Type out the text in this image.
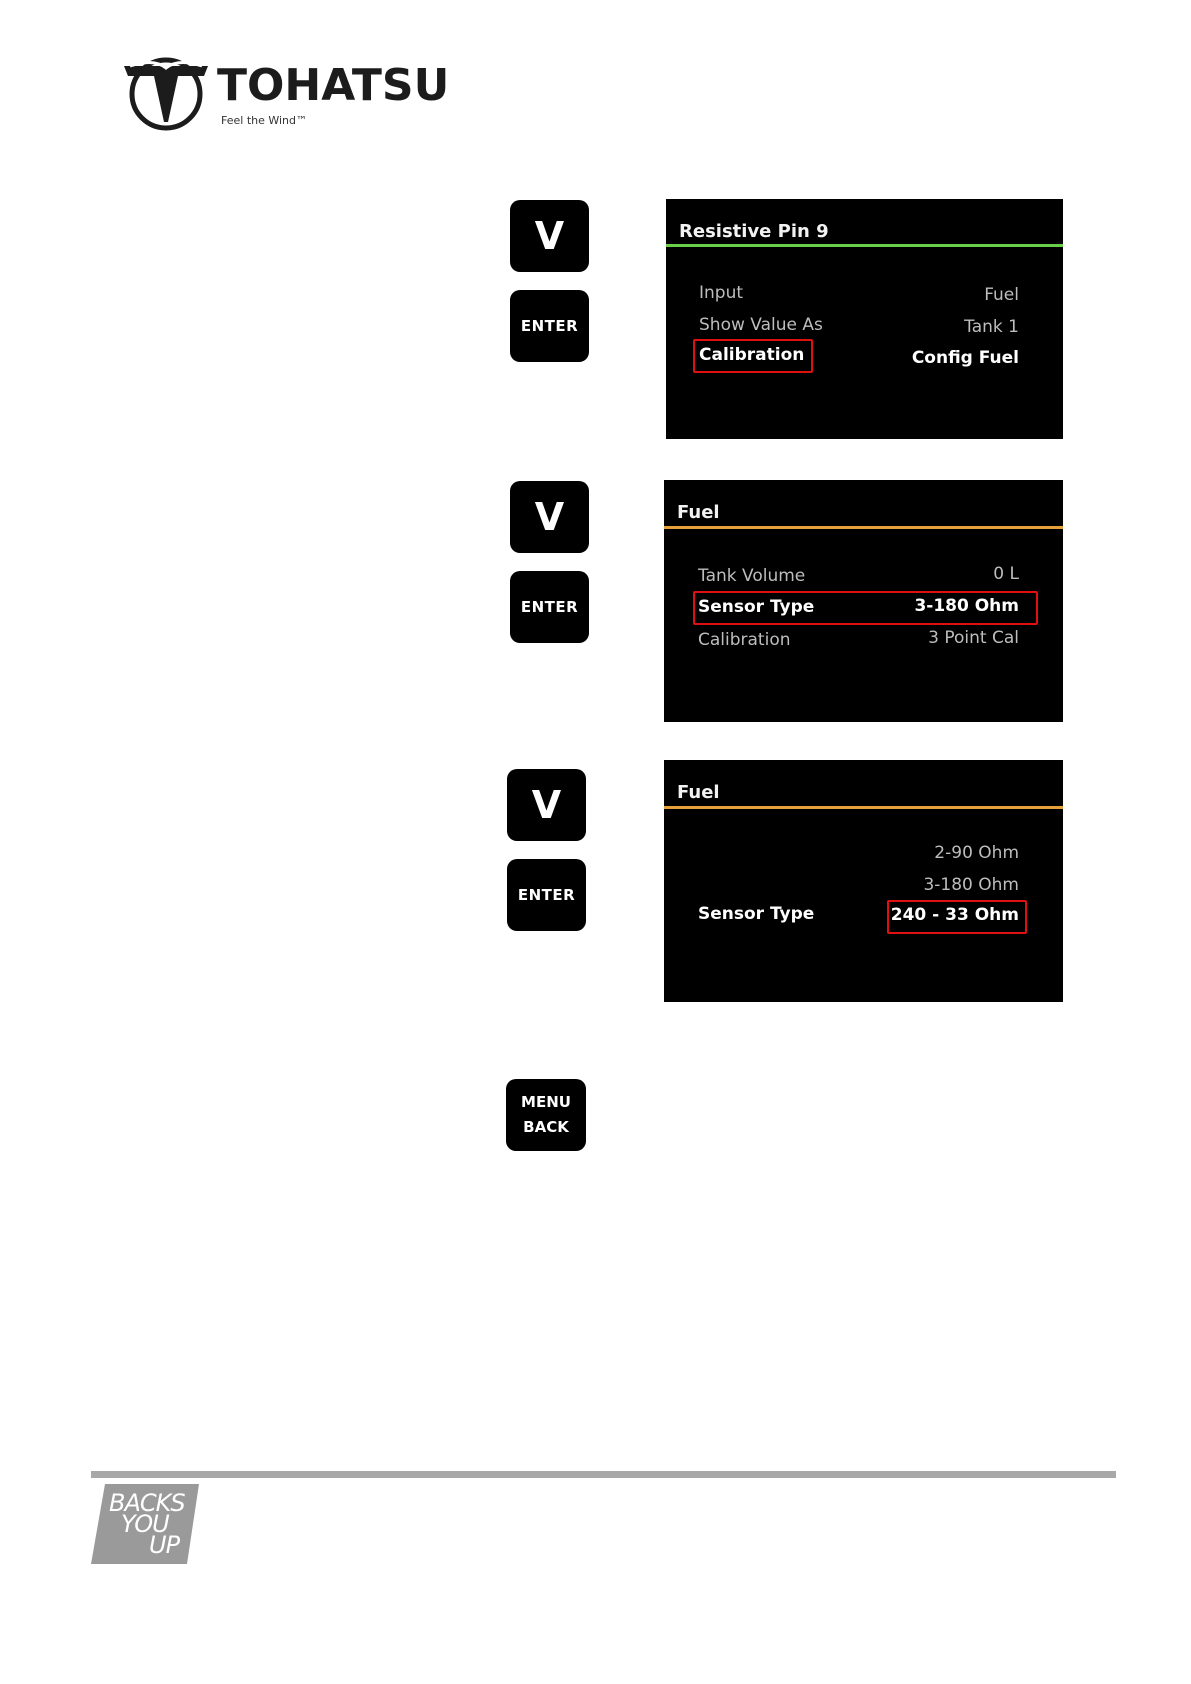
TOHATSU
Feel the Wind™
V
ENTER
Resistive Pin 9
Input	Fuel
Show Value As	Tank 1
Calibration	Config Fuel
V
ENTER
Fuel
Tank Volume	0 L
Sensor Type	3-180 Ohm
Calibration	3 Point Cal
V
ENTER
Fuel
2-90 Ohm
3-180 Ohm
Sensor Type	240 - 33 Ohm
MENU
BACK
BACKS
YOU
UP
